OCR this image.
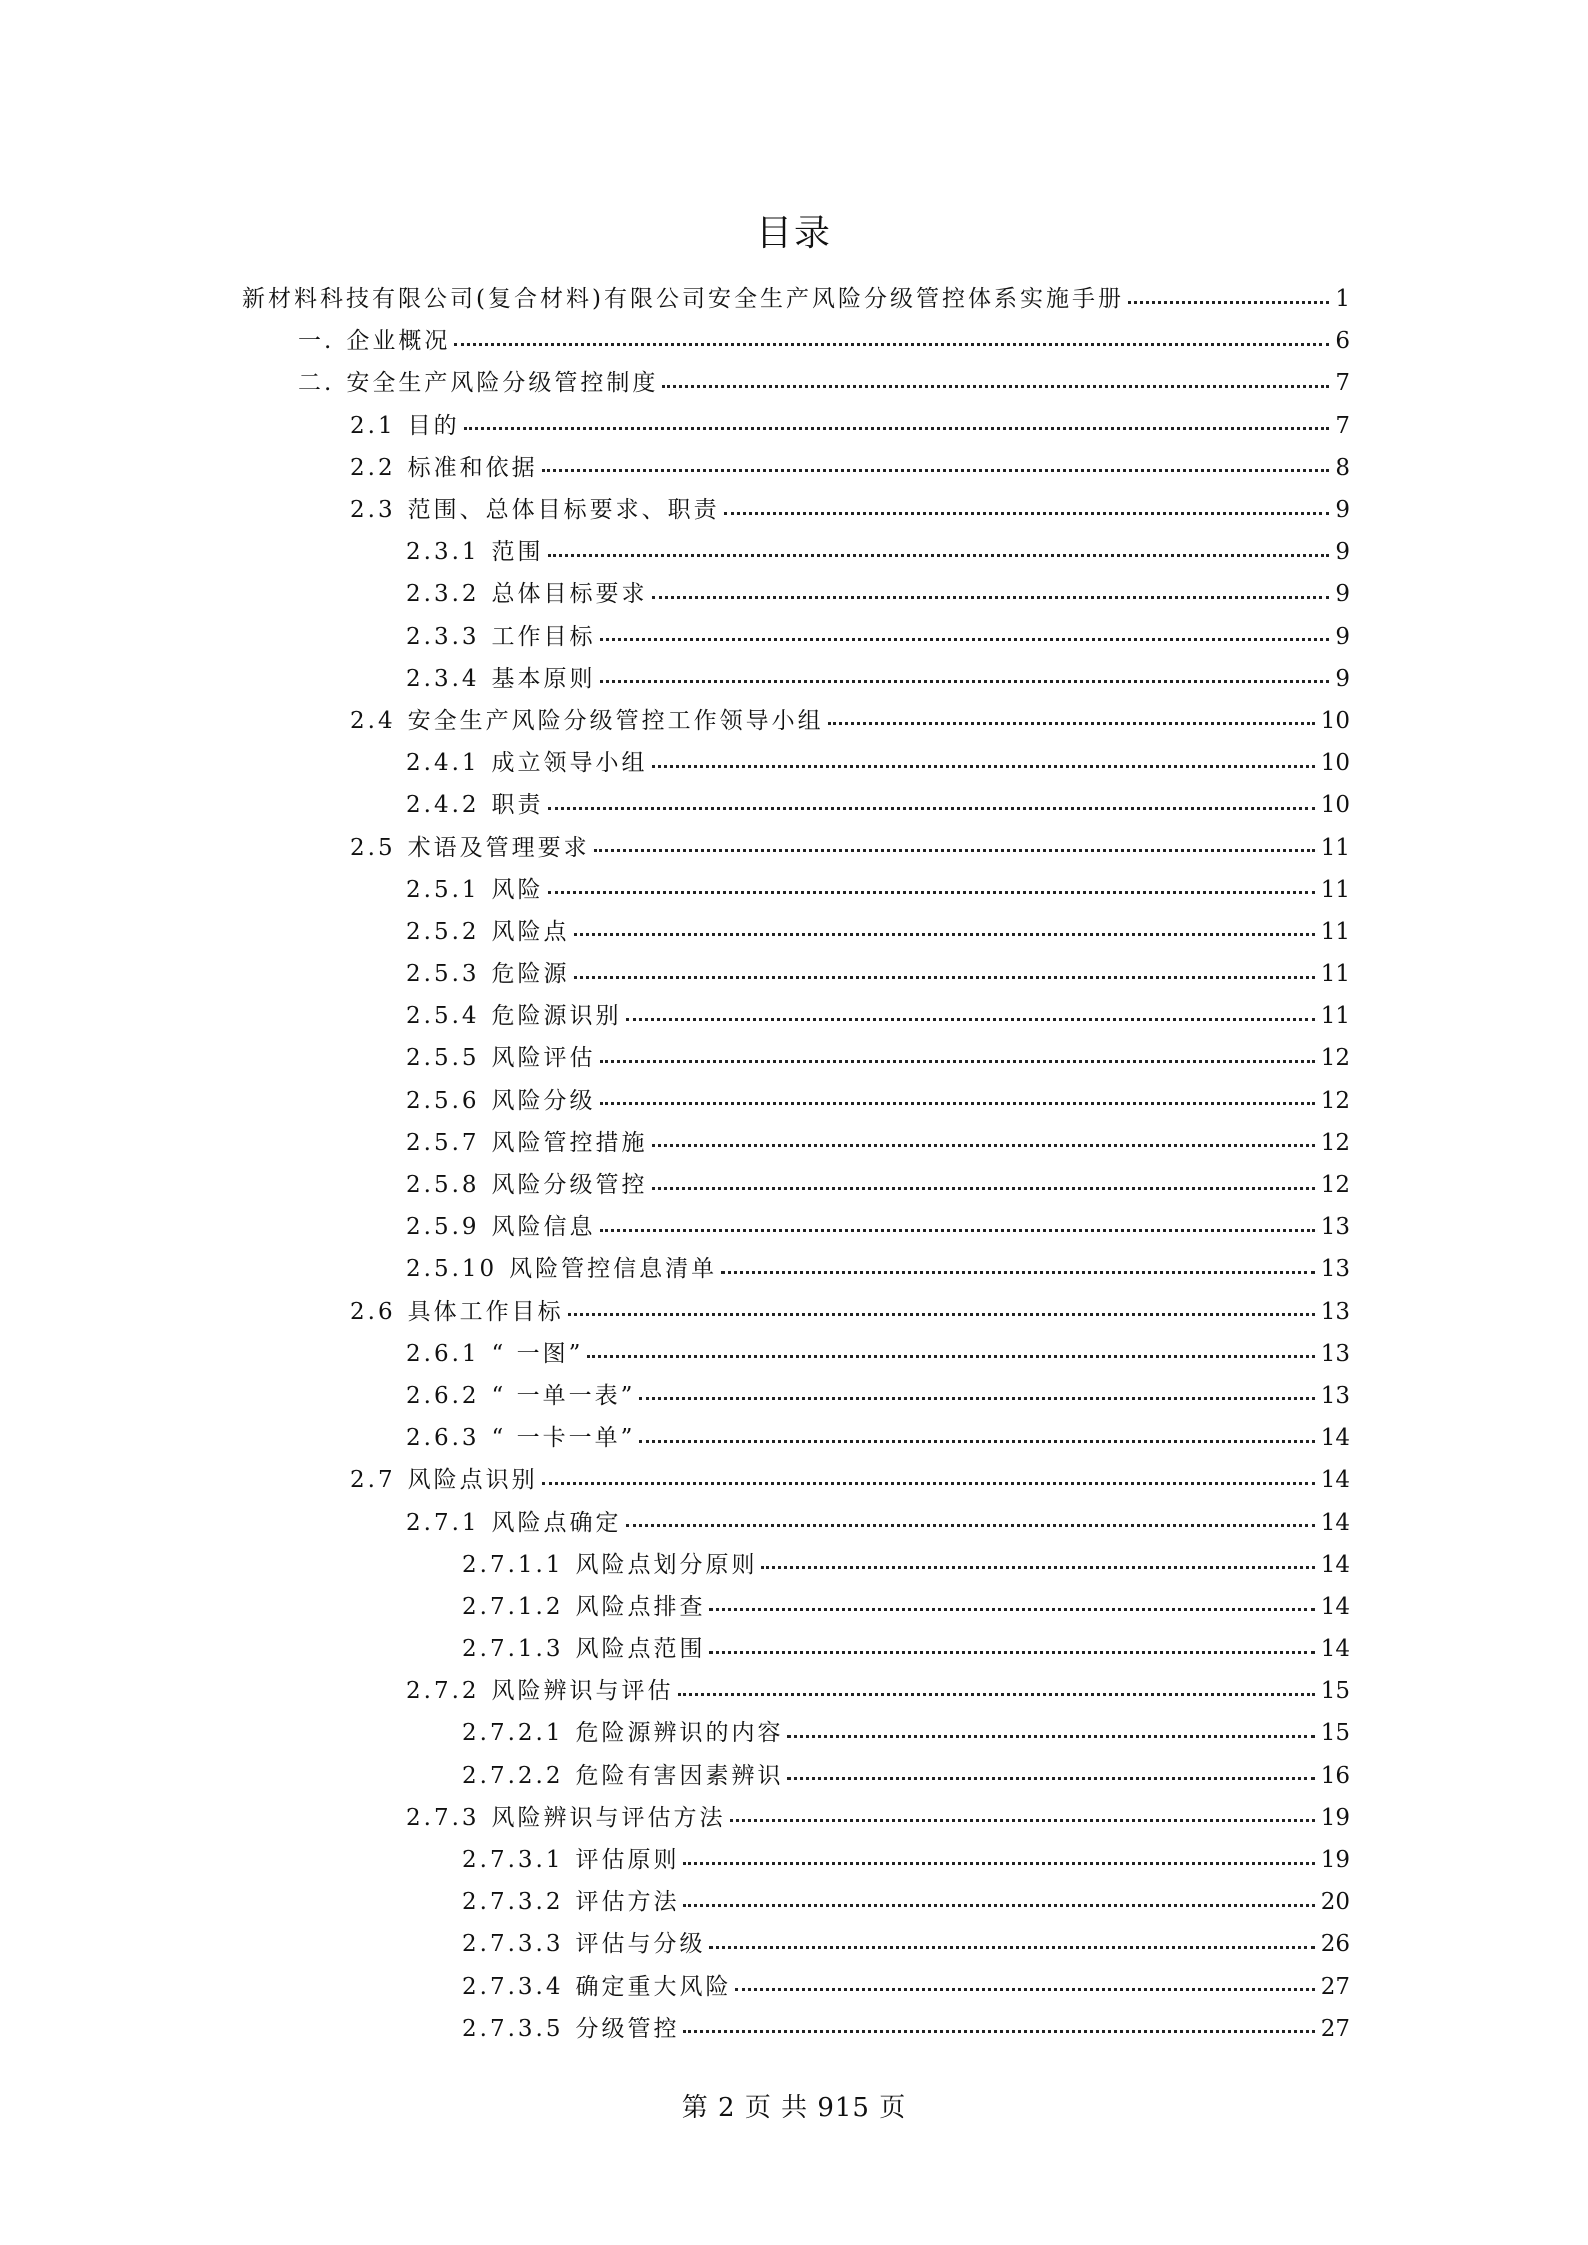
目录
新材料科技有限公司(复合材料)有限公司安全生产风险分级管控体系实施手册	1
一. 企业概况	6
二. 安全生产风险分级管控制度	7
2.1 目的	7
2.2 标准和依据	8
2.3 范围、总体目标要求、职责	9
2.3.1 范围	9
2.3.2 总体目标要求	9
2.3.3 工作目标	9
2.3.4 基本原则	9
2.4 安全生产风险分级管控工作领导小组	10
2.4.1 成立领导小组	10
2.4.2 职责	10
2.5 术语及管理要求	11
2.5.1 风险	11
2.5.2 风险点	11
2.5.3 危险源	11
2.5.4 危险源识别	11
2.5.5 风险评估	12
2.5.6 风险分级	12
2.5.7 风险管控措施	12
2.5.8 风险分级管控	12
2.5.9 风险信息	13
2.5.10 风险管控信息清单	13
2.6 具体工作目标	13
2.6.1 “ 一图”	13
2.6.2 “ 一单一表”	13
2.6.3 “ 一卡一单”	14
2.7 风险点识别	14
2.7.1 风险点确定	14
2.7.1.1 风险点划分原则	14
2.7.1.2 风险点排查	14
2.7.1.3 风险点范围	14
2.7.2 风险辨识与评估	15
2.7.2.1 危险源辨识的内容	15
2.7.2.2 危险有害因素辨识	16
2.7.3 风险辨识与评估方法	19
2.7.3.1 评估原则	19
2.7.3.2 评估方法	20
2.7.3.3 评估与分级	26
2.7.3.4 确定重大风险	27
2.7.3.5 分级管控	27
第 2 页 共 915 页
